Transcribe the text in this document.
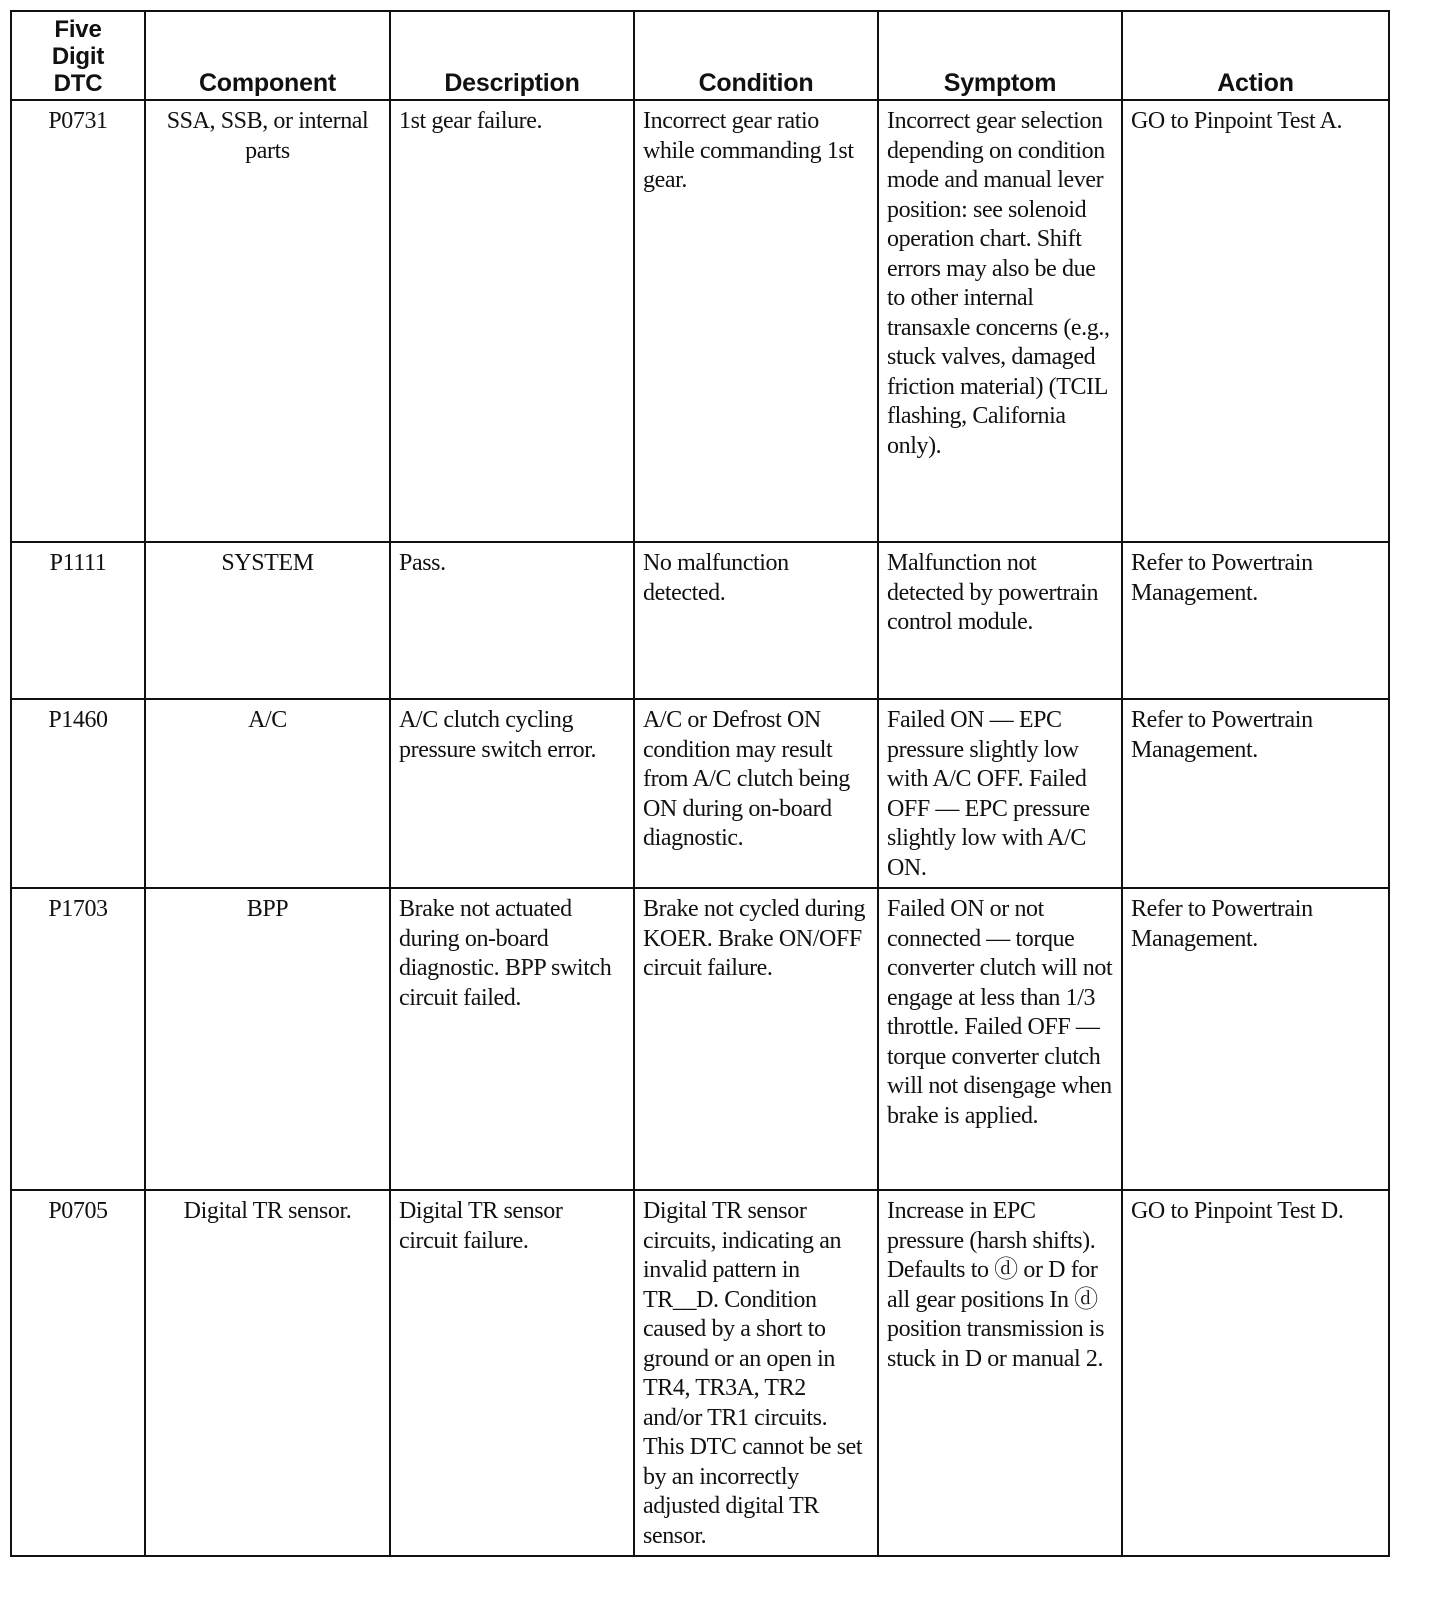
Five
Digit
DTC	Component	Description	Condition	Symptom	Action
P0731	SSA, SSB, or internal parts	1st gear failure.	Incorrect gear ratio while commanding 1st gear.	Incorrect gear selection depending on condition mode and manual lever position: see solenoid operation chart. Shift errors may also be due to other internal transaxle concerns (e.g., stuck valves, damaged friction material) (TCIL flashing, California only).	GO to Pinpoint Test A.
P1111	SYSTEM	Pass.	No malfunction detected.	Malfunction not detected by powertrain control module.	Refer to Powertrain Management.
P1460	A/C	A/C clutch cycling pressure switch error.	A/C or Defrost ON condition may result from A/C clutch being ON during on-board diagnostic.	Failed ON — EPC pressure slightly low with A/C OFF. Failed OFF — EPC pressure slightly low with A/C ON.	Refer to Powertrain Management.
P1703	BPP	Brake not actuated during on-board diagnostic. BPP switch circuit failed.	Brake not cycled during KOER. Brake ON/OFF circuit failure.	Failed ON or not connected — torque converter clutch will not engage at less than 1/3 throttle. Failed OFF — torque converter clutch will not disengage when brake is applied.	Refer to Powertrain Management.
P0705	Digital TR sensor.	Digital TR sensor circuit failure.	Digital TR sensor circuits, indicating an invalid pattern in TR__D. Condition caused by a short to ground or an open in TR4, TR3A, TR2 and/or TR1 circuits. This DTC cannot be set by an incorrectly adjusted digital TR sensor.	Increase in EPC pressure (harsh shifts). Defaults to ⓓ or D for all gear positions In ⓓ position transmission is stuck in D or manual 2.	GO to Pinpoint Test D.
